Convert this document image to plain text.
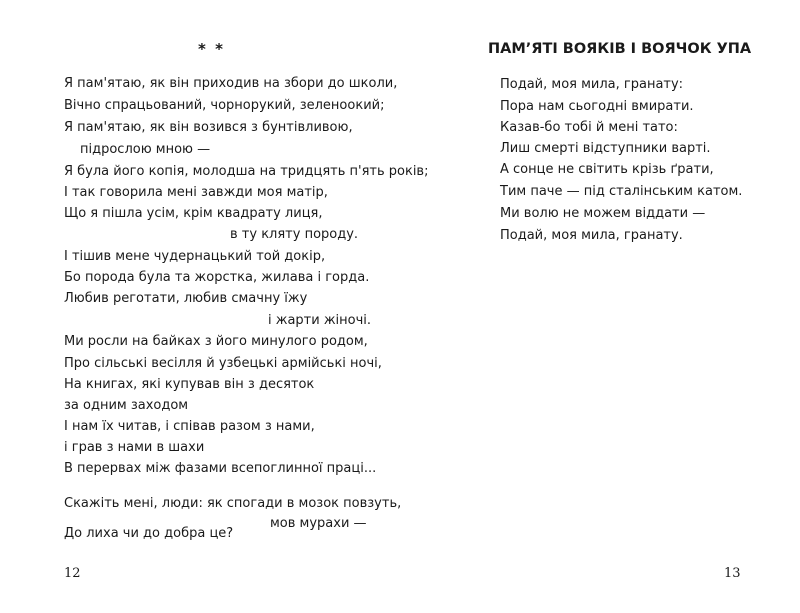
* *
Я пам'ятаю, як він приходив на збори до школи,
Вічно спрацьований, чорнорукий, зеленоокий;
Я пам'ятаю, як він возився з бунтівливою,
підрослою мною —
Я була його копія, молодша на тридцять п'ять років;
І так говорила мені завжди моя матір,
Що я пішла усім, крім квадрату лиця,
в ту кляту породу.
І тішив мене чудернацький той докір,
Бо порода була та жорстка, жилава і горда.
Любив реготати, любив смачну їжу
і жарти жіночі.
Ми росли на байках з його минулого родом,
Про сільські весілля й узбецькі армійські ночі,
На книгах, які купував він з десяток
за одним заходом
І нам їх читав, і співав разом з нами,
і грав з нами в шахи
В перервах між фазами всепоглинної праці...
Скажіть мені, люди: як спогади в мозок повзуть,
мов мурахи —
До лиха чи до добра це?
12
ПАМ’ЯТІ ВОЯКІВ І ВОЯЧОК УПА
Подай, моя мила, гранату:
Пора нам сьогодні вмирати.
Казав-бо тобі й мені тато:
Лиш смерті відступники варті.
А сонце не світить крізь ґрати,
Тим паче — під сталінським катом.
Ми волю не можем віддати —
Подай, моя мила, гранату.
13
